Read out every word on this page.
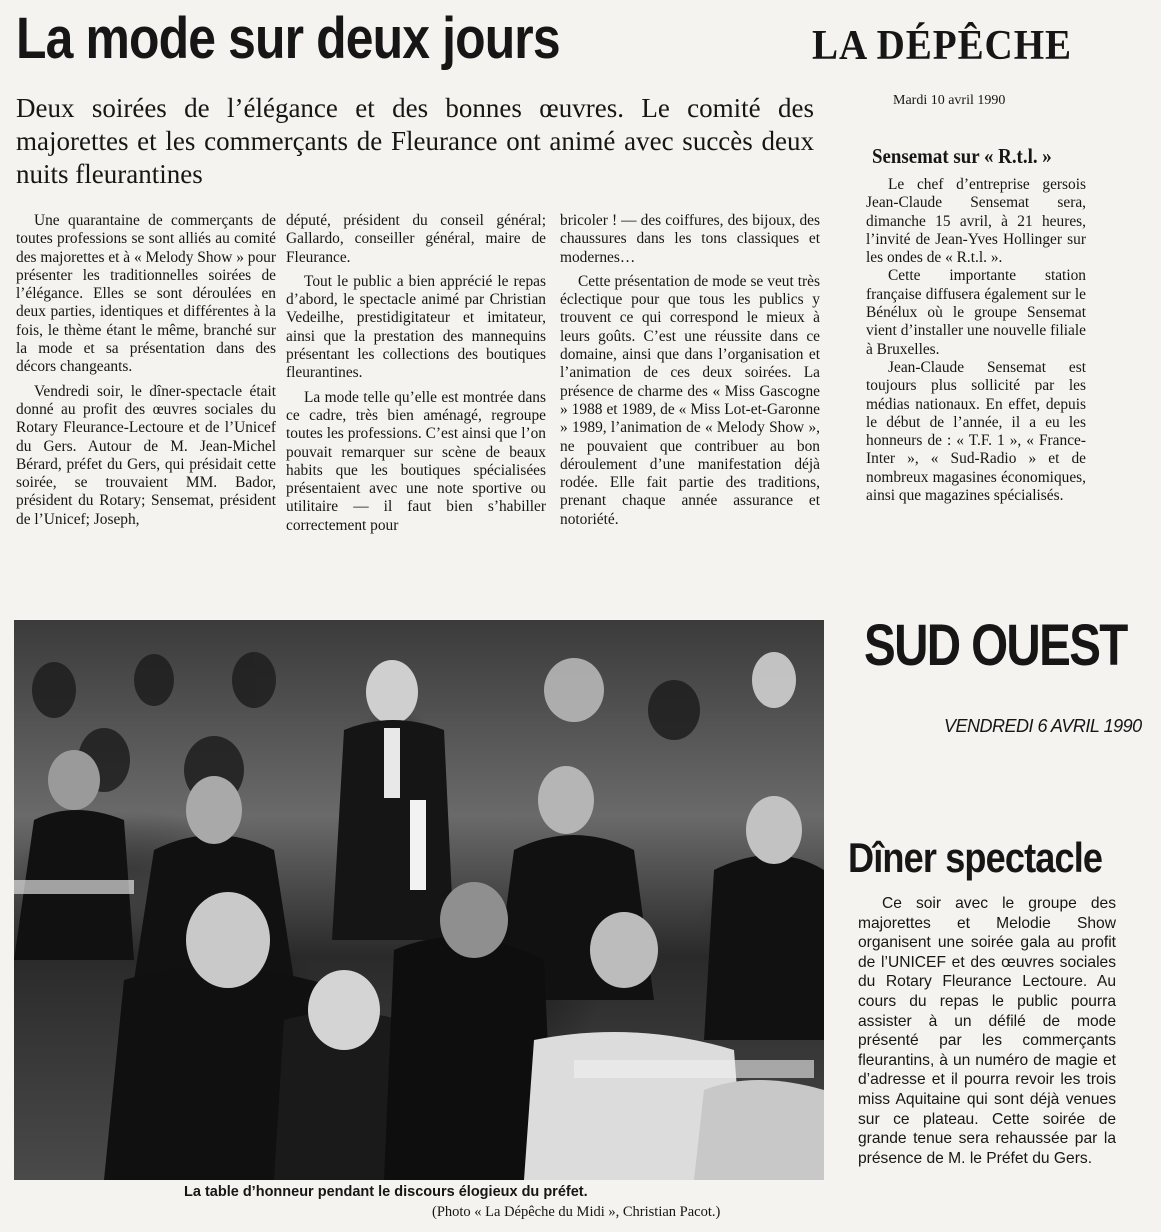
La mode sur deux jours	LA DÉPÊCHE
Mardi 10 avril 1990
Deux soirées de l’élégance et des bonnes œuvres. Le comité des majorettes et les commerçants de Fleurance ont animé avec succès deux nuits fleurantines

Une quarantaine de commerçants de toutes professions se sont alliés au comité des majorettes et à « Melody Show » pour présenter les traditionnelles soirées de l’élégance. Elles se sont déroulées en deux parties, identiques et différentes à la fois, le thème étant le même, branché sur la mode et sa présentation dans des décors changeants.

Vendredi soir, le dîner-spectacle était donné au profit des œuvres sociales du Rotary Fleurance-Lectoure et de l’Unicef du Gers. Autour de M. Jean-Michel Bérard, préfet du Gers, qui présidait cette soirée, se trouvaient MM. Bador, président du Rotary; Sensemat, président de l’Unicef; Joseph,

député, président du conseil général; Gallardo, conseiller général, maire de Fleurance.

Tout le public a bien apprécié le repas d’abord, le spectacle animé par Christian Vedeilhe, prestidigitateur et imitateur, ainsi que la prestation des mannequins présentant les collections des boutiques fleurantines.

La mode telle qu’elle est montrée dans ce cadre, très bien aménagé, regroupe toutes les professions. C’est ainsi que l’on pouvait remarquer sur scène de beaux habits que les boutiques spécialisées présentaient avec une note sportive ou utilitaire — il faut bien s’habiller correctement pour

bricoler ! — des coiffures, des bijoux, des chaussures dans les tons classiques et modernes…

Cette présentation de mode se veut très éclectique pour que tous les publics y trouvent ce qui correspond le mieux à leurs goûts. C’est une réussite dans ce domaine, ainsi que dans l’organisation et l’animation de ces deux soirées. La présence de charme des « Miss Gascogne » 1988 et 1989, de « Miss Lot-et-Garonne » 1989, l’animation de « Melody Show », ne pouvaient que contribuer au bon déroulement d’une manifestation déjà rodée. Elle fait partie des traditions, prenant chaque année assurance et notoriété.

Sensemat sur « R.t.l. »

Le chef d’entreprise gersois Jean-Claude Sensemat sera, dimanche 15 avril, à 21 heures, l’invité de Jean-Yves Hollinger sur les ondes de « R.t.l. ».

Cette importante station française diffusera également sur le Bénélux où le groupe Sensemat vient d’installer une nouvelle filiale à Bruxelles.

Jean-Claude Sensemat est toujours plus sollicité par les médias nationaux. En effet, depuis le début de l’année, il a eu les honneurs de : « T.F. 1 », « France-Inter », « Sud-Radio » et de nombreux magasines économiques, ainsi que magazines spécialisés.

La table d’honneur pendant le discours élogieux du préfet.
(Photo « La Dépêche du Midi », Christian Pacot.)
SUD OUEST
VENDREDI 6 AVRIL 1990
Dîner spectacle

Ce soir avec le groupe des majorettes et Melodie Show organisent une soirée gala au profit de l’UNICEF et des œuvres sociales du Rotary Fleurance Lectoure. Au cours du repas le public pourra assister à un défilé de mode présenté par les commerçants fleurantins, à un numéro de magie et d’adresse et il pourra revoir les trois miss Aquitaine qui sont déjà venues sur ce plateau. Cette soirée de grande tenue sera rehaussée par la présence de M. le Préfet du Gers.
